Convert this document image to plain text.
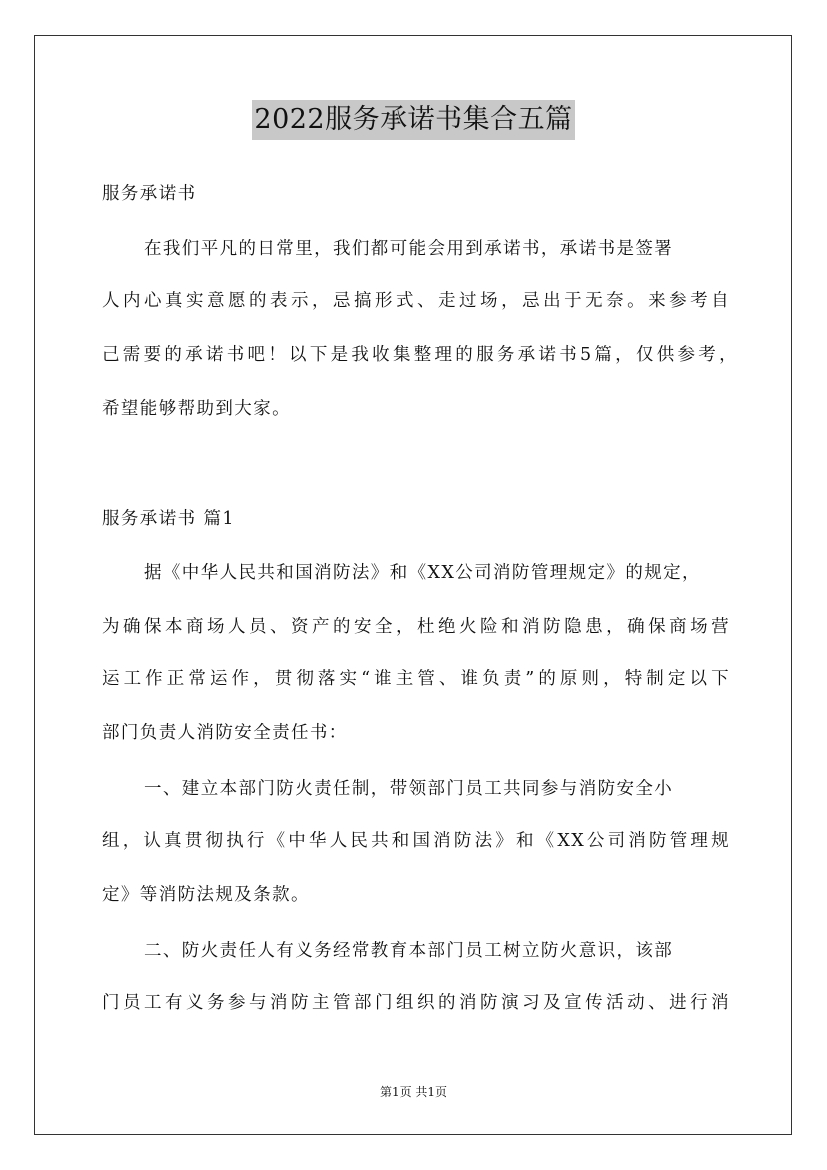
2022服务承诺书集合五篇
服务承诺书
在我们平凡的日常里，我们都可能会用到承诺书，承诺书是签署
人内心真实意愿的表示，忌搞形式、走过场，忌出于无奈。来参考自
己需要的承诺书吧！以下是我收集整理的服务承诺书5篇，仅供参考，
希望能够帮助到大家。
服务承诺书 篇1
据《中华人民共和国消防法》和《XX公司消防管理规定》的规定，
为确保本商场人员、资产的安全，杜绝火险和消防隐患，确保商场营
运工作正常运作，贯彻落实“谁主管、谁负责”的原则，特制定以下
部门负责人消防安全责任书：
一、建立本部门防火责任制，带领部门员工共同参与消防安全小
组，认真贯彻执行《中华人民共和国消防法》和《XX公司消防管理规
定》等消防法规及条款。
二、防火责任人有义务经常教育本部门员工树立防火意识，该部
门员工有义务参与消防主管部门组织的消防演习及宣传活动、进行消
第1页 共1页
